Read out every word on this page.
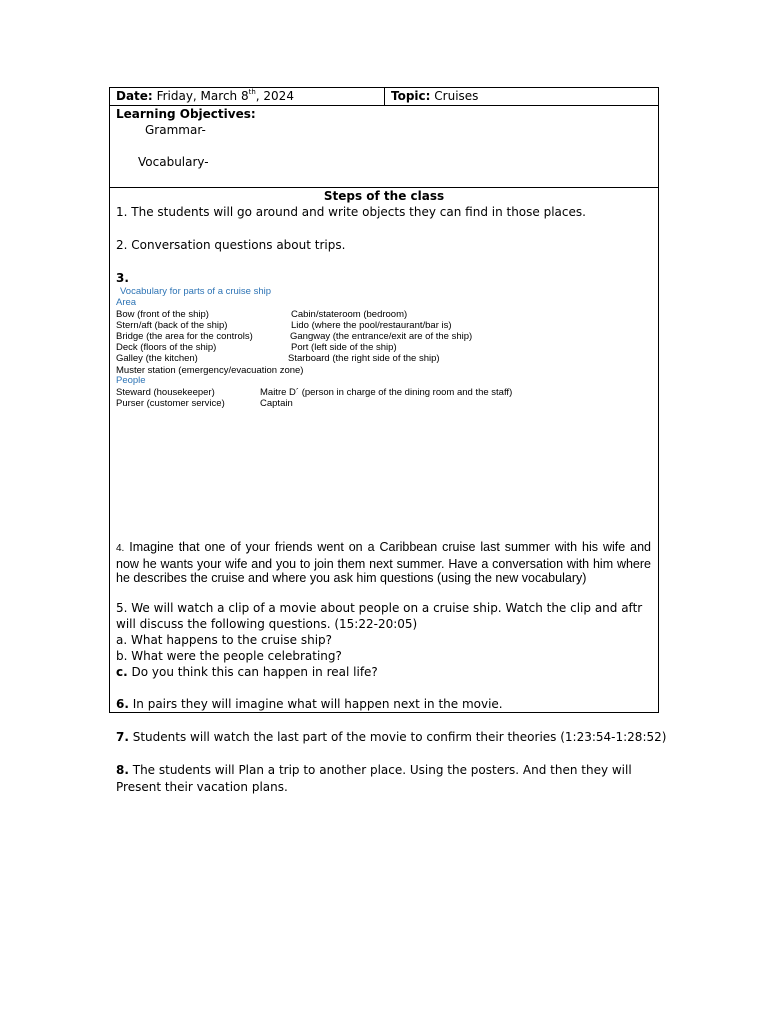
Date: Friday, March 8th, 2024	Topic: Cruises
Learning Objectives:
Grammar-
Vocabulary-
Steps of the class
1. The students will go around and write objects they can find in those places.
2. Conversation questions about trips.
3.
Vocabulary for parts of a cruise ship
Area
Bow (front of the ship)	Cabin/stateroom (bedroom)
Stern/aft (back of the ship)	Lido (where the pool/restaurant/bar is)
Bridge (the area for the controls)	Gangway (the entrance/exit are of the ship)
Deck (floors of the ship)	Port (left side of the ship)
Galley (the kitchen)	Starboard (the right side of the ship)
Muster station (emergency/evacuation zone)
People
Steward (housekeeper)	Maitre D´ (person in charge of the dining room and the staff)
Purser (customer service)	Captain
4. Imagine that one of your friends went on a Caribbean cruise last summer with his wife and now he wants your wife and you to join them next summer. Have a conversation with him where he describes the cruise and where you ask him questions (using the new vocabulary)
5. We will watch a clip of a movie about people on a cruise ship. Watch the clip and aftr will discuss the following questions. (15:22-20:05)
a. What happens to the cruise ship?
b. What were the people celebrating?
c. Do you think this can happen in real life?
6. In pairs they will imagine what will happen next in the movie.
7. Students will watch the last part of the movie to confirm their theories (1:23:54-1:28:52)
8. The students will Plan a trip to another place. Using the posters. And then they will Present their vacation plans.
